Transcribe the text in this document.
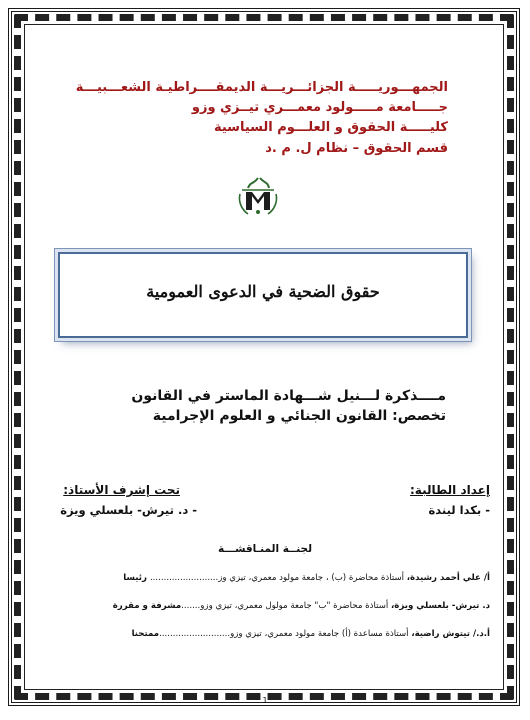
الجمهـــوريـــــة الجزائـــريـــة الديمقــــراطيـة الشعـــبيـــة
جـــــامعة مـــــولود معمـــري تيــزي وزو
كليـــــة الحقوق و العلـــوم السياسية
قسم الحقوق – نظام ل. م .د
حقوق الضحية في الدعوى العمومية
مــــذكرة لـــنيل شـــهادة الماستر في القانون
تخصص: القانون الجنائي و العلوم الإجرامية
إعداد الطالبة:
- بكدا ليندة
تحت إشرف الأستاذ:
- د. تيرش- بلعسلي ويزة
لجنــة المنـاقشـــة
أ/ علي أحمد رشيدة، أستاذة محاضرة (ب) ، جامعة مولود معمري، تيزي وز......................... رئيسا
د. تيرش- بلعسلي ويزة، أستاذة محاضرة "ب" جامعة مولول معمري، تيزي وزو.......مشرفة و مقررة
أ.د./ تيتوش راضية، أستاذة مساعدة (أ) جامعة مولود معمري، تيزي وزو..........................ممتحنا
1
